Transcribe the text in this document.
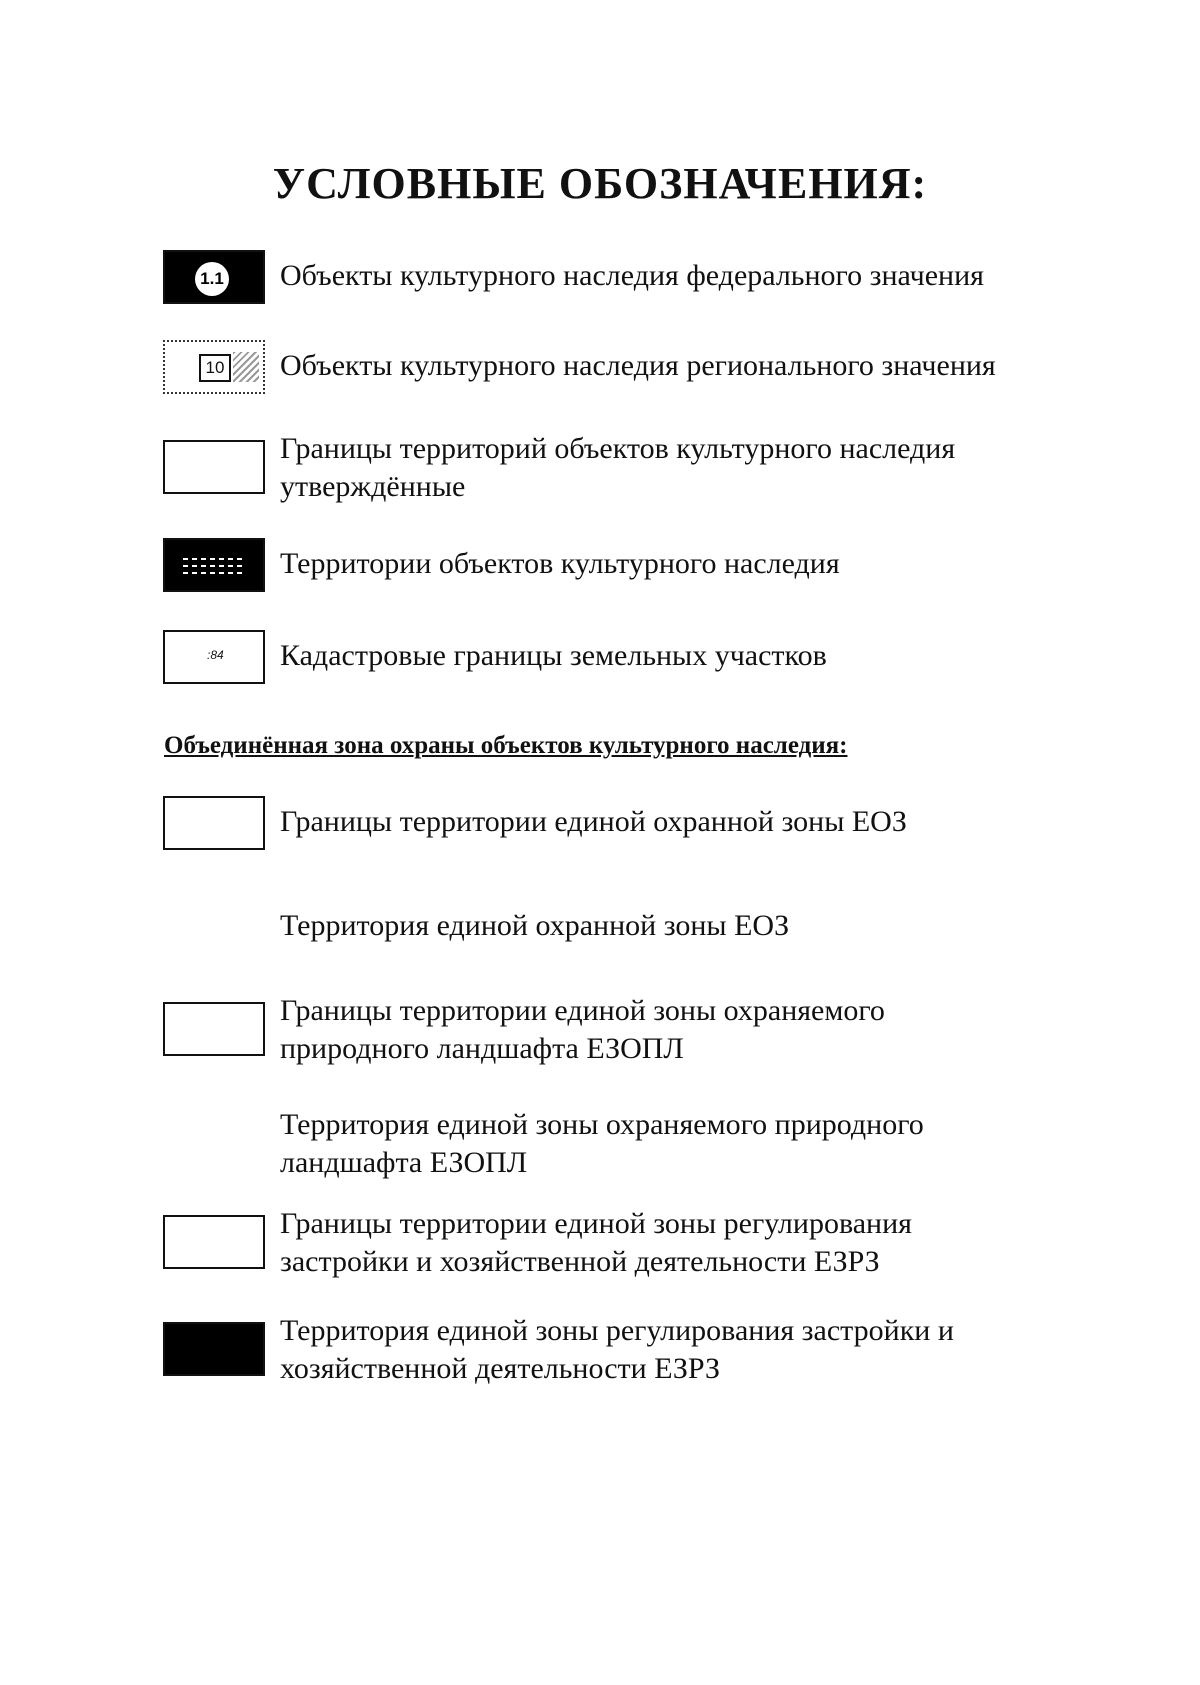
УСЛОВНЫЕ ОБОЗНАЧЕНИЯ:
1.1 Объекты культурного наследия федерального значения
10 Объекты культурного наследия регионального значения
Границы территорий объектов культурного наследия
утверждённые
Территории объектов культурного наследия
:84 Кадастровые границы земельных участков
Объединённая зона охраны объектов культурного наследия:
Границы территории единой охранной зоны ЕОЗ
Территория единой охранной зоны ЕОЗ
Границы территории единой зоны охраняемого
природного ландшафта ЕЗОПЛ
Территория единой зоны охраняемого природного
ландшафта ЕЗОПЛ
Границы территории единой зоны регулирования
застройки и хозяйственной деятельности ЕЗРЗ
Территория единой зоны регулирования застройки и
хозяйственной деятельности ЕЗРЗ
